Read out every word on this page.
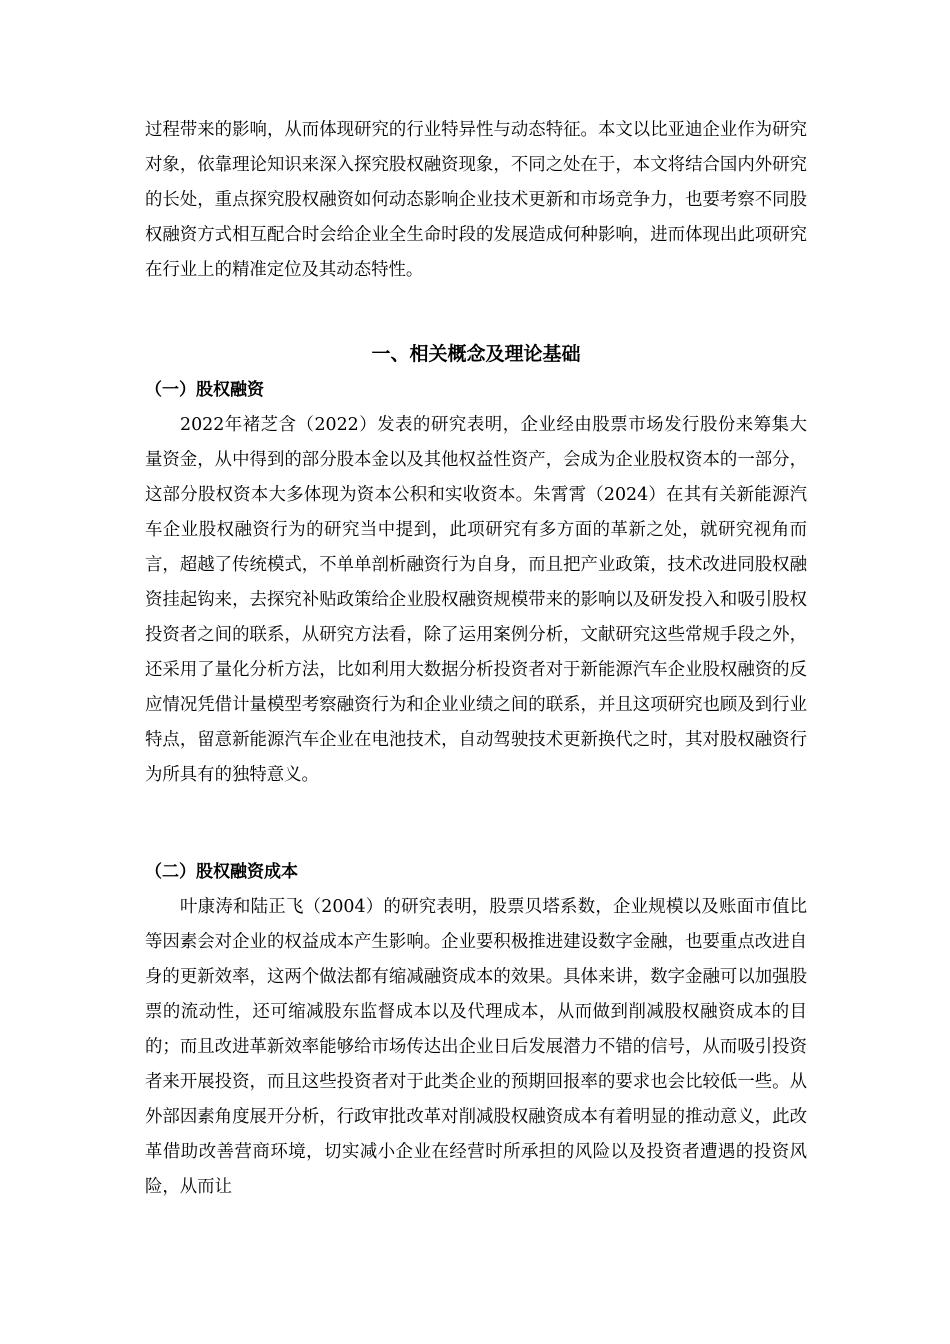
过程带来的影响，从而体现研究的行业特异性与动态特征。本文以比亚迪企业作为研究对象，依靠理论知识来深入探究股权融资现象，不同之处在于，本文将结合国内外研究的长处，重点探究股权融资如何动态影响企业技术更新和市场竞争力，也要考察不同股权融资方式相互配合时会给企业全生命时段的发展造成何种影响，进而体现出此项研究在行业上的精准定位及其动态特性。

一、相关概念及理论基础
（一）股权融资

2022年褚芝含（2022）发表的研究表明，企业经由股票市场发行股份来筹集大量资金，从中得到的部分股本金以及其他权益性资产，会成为企业股权资本的一部分，这部分股权资本大多体现为资本公积和实收资本。朱霄霄（2024）在其有关新能源汽车企业股权融资行为的研究当中提到，此项研究有多方面的革新之处，就研究视角而言，超越了传统模式，不单单剖析融资行为自身，而且把产业政策，技术改进同股权融资挂起钩来，去探究补贴政策给企业股权融资规模带来的影响以及研发投入和吸引股权投资者之间的联系，从研究方法看，除了运用案例分析，文献研究这些常规手段之外，还采用了量化分析方法，比如利用大数据分析投资者对于新能源汽车企业股权融资的反应情况凭借计量模型考察融资行为和企业业绩之间的联系，并且这项研究也顾及到行业特点，留意新能源汽车企业在电池技术，自动驾驶技术更新换代之时，其对股权融资行为所具有的独特意义。

（二）股权融资成本

叶康涛和陆正飞（2004）的研究表明，股票贝塔系数，企业规模以及账面市值比等因素会对企业的权益成本产生影响。企业要积极推进建设数字金融，也要重点改进自身的更新效率，这两个做法都有缩减融资成本的效果。具体来讲，数字金融可以加强股票的流动性，还可缩减股东监督成本以及代理成本，从而做到削减股权融资成本的目的；而且改进革新效率能够给市场传达出企业日后发展潜力不错的信号，从而吸引投资者来开展投资，而且这些投资者对于此类企业的预期回报率的要求也会比较低一些。从外部因素角度展开分析，行政审批改革对削减股权融资成本有着明显的推动意义，此改革借助改善营商环境，切实减小企业在经营时所承担的风险以及投资者遭遇的投资风险，从而让
